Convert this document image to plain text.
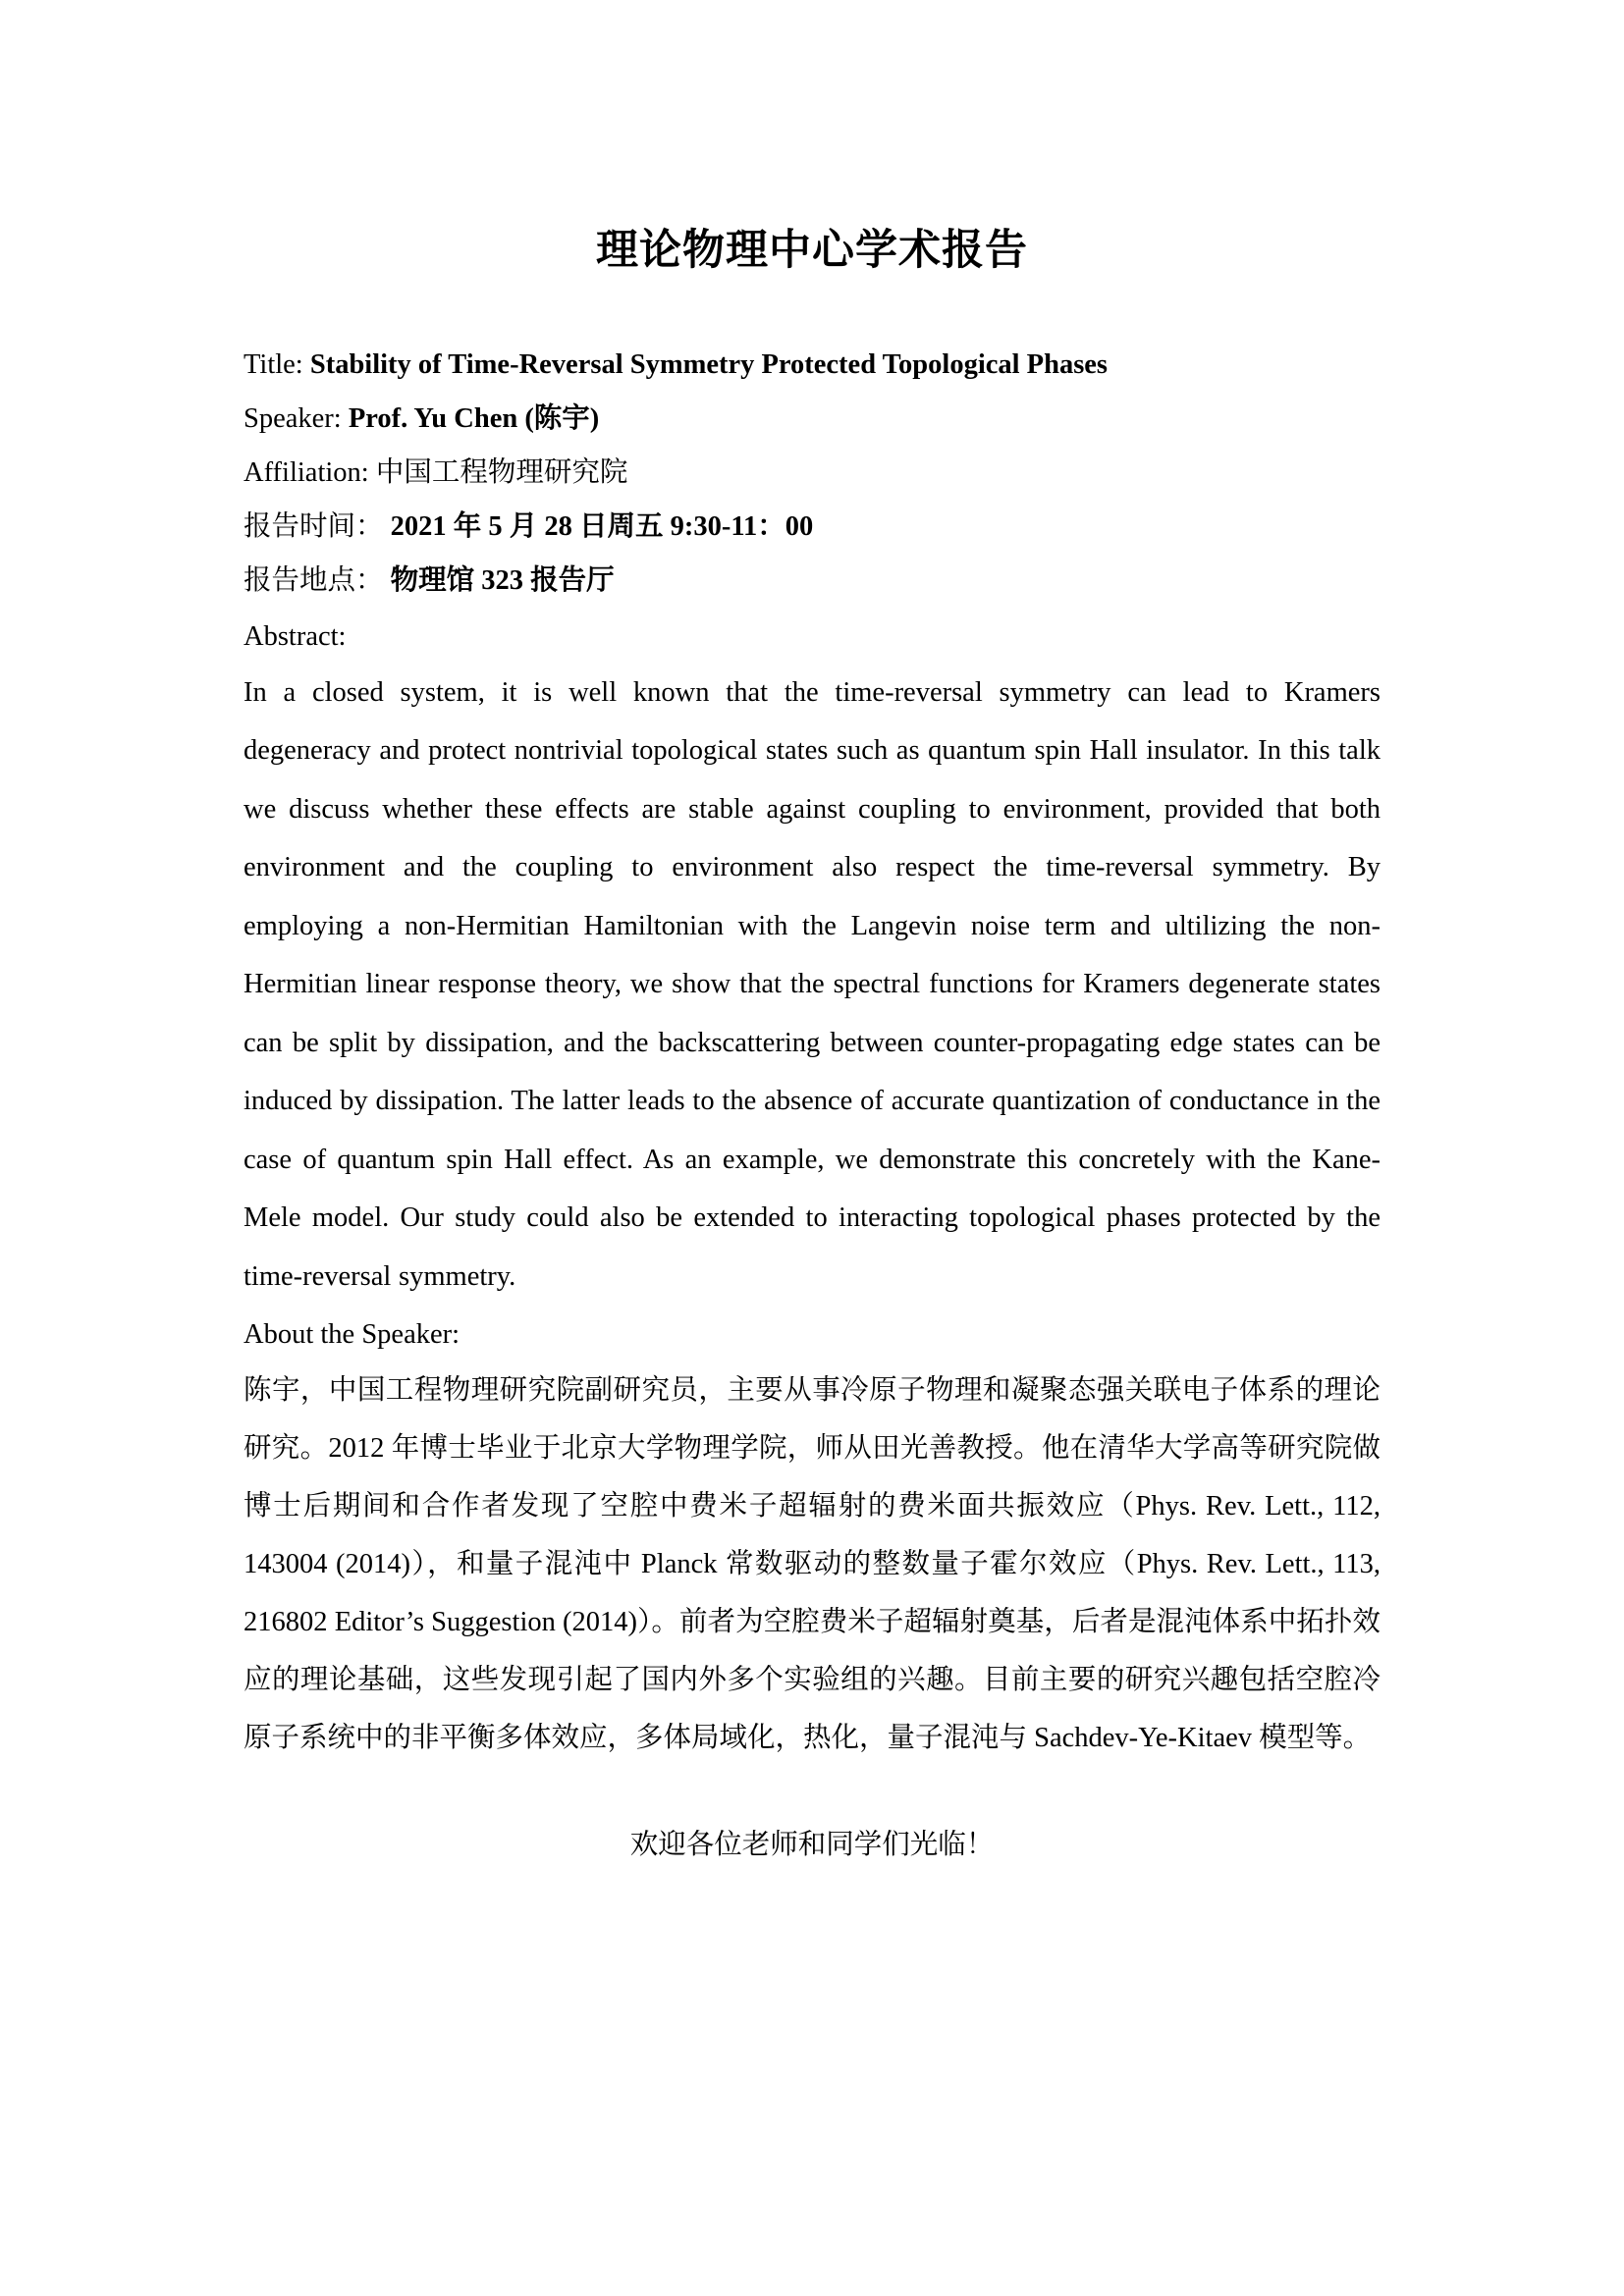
理论物理中心学术报告
Title: Stability of Time-Reversal Symmetry Protected Topological Phases
Speaker: Prof. Yu Chen (陈宇)
Affiliation: 中国工程物理研究院
报告时间： 2021 年 5 月 28 日周五 9:30-11：00
报告地点： 物理馆 323 报告厅
Abstract:

In a closed system, it is well known that the time-reversal symmetry can lead to Kramers degeneracy and protect nontrivial topological states such as quantum spin Hall insulator. In this talk we discuss whether these effects are stable against coupling to environment, provided that both environment and the coupling to environment also respect the time-reversal symmetry. By employing a non-Hermitian Hamiltonian with the Langevin noise term and ultilizing the non-Hermitian linear response theory, we show that the spectral functions for Kramers degenerate states can be split by dissipation, and the backscattering between counter-propagating edge states can be induced by dissipation. The latter leads to the absence of accurate quantization of conductance in the case of quantum spin Hall effect. As an example, we demonstrate this concretely with the Kane-Mele model. Our study could also be extended to interacting topological phases protected by the time-reversal symmetry.

About the Speaker:

陈宇，中国工程物理研究院副研究员，主要从事冷原子物理和凝聚态强关联电子体系的理论研究。2012 年博士毕业于北京大学物理学院，师从田光善教授。他在清华大学高等研究院做博士后期间和合作者发现了空腔中费米子超辐射的费米面共振效应（Phys. Rev. Lett., 112, 143004 (2014)），和量子混沌中 Planck 常数驱动的整数量子霍尔效应（Phys. Rev. Lett., 113, 216802 Editor’s Suggestion (2014)）。前者为空腔费米子超辐射奠基，后者是混沌体系中拓扑效应的理论基础，这些发现引起了国内外多个实验组的兴趣。目前主要的研究兴趣包括空腔冷原子系统中的非平衡多体效应，多体局域化，热化，量子混沌与 Sachdev-Ye-Kitaev 模型等。

欢迎各位老师和同学们光临！
